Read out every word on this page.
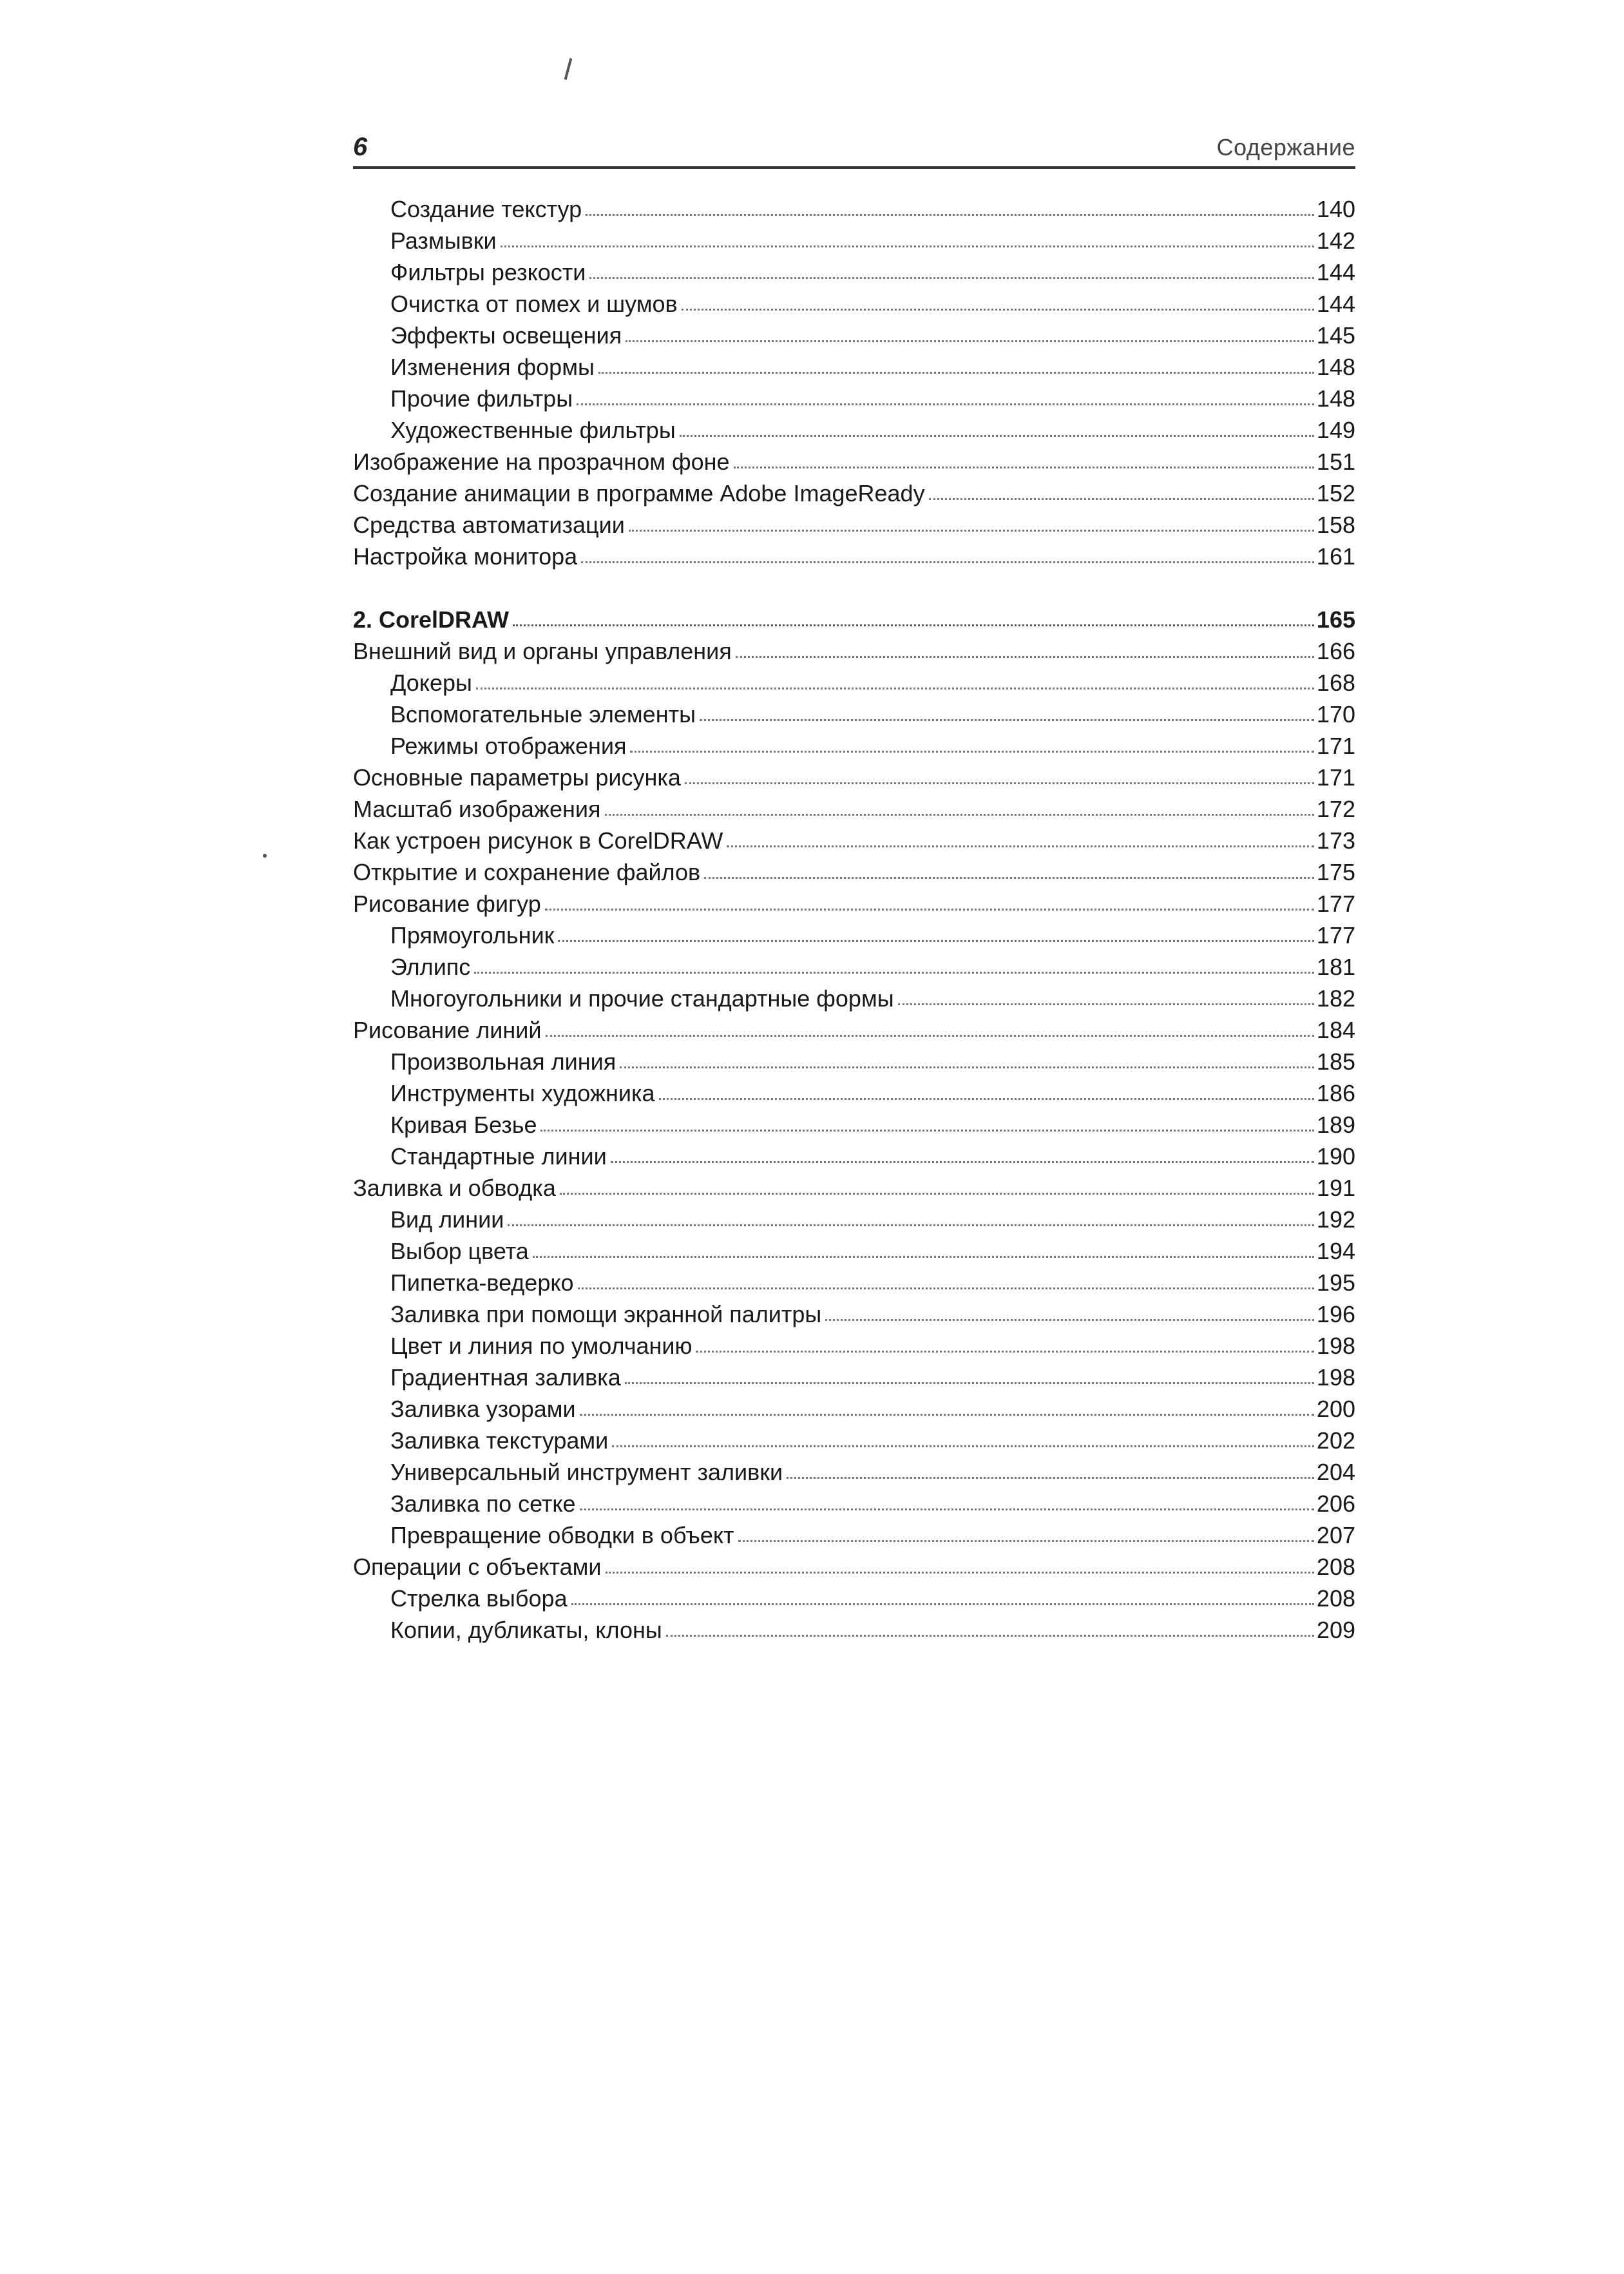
6	Содержание
Создание текстур	140
Размывки	142
Фильтры резкости	144
Очистка от помех и шумов	144
Эффекты освещения	145
Изменения формы	148
Прочие фильтры	148
Художественные фильтры	149
Изображение на прозрачном фоне	151
Создание анимации в программе Adobe ImageReady	152
Средства автоматизации	158
Настройка монитора	161
2. CorelDRAW	165
Внешний вид и органы управления	166
Докеры	168
Вспомогательные элементы	170
Режимы отображения	171
Основные параметры рисунка	171
Масштаб изображения	172
Как устроен рисунок в CorelDRAW	173
Открытие и сохранение файлов	175
Рисование фигур	177
Прямоугольник	177
Эллипс	181
Многоугольники и прочие стандартные формы	182
Рисование линий	184
Произвольная линия	185
Инструменты художника	186
Кривая Безье	189
Стандартные линии	190
Заливка и обводка	191
Вид линии	192
Выбор цвета	194
Пипетка-ведерко	195
Заливка при помощи экранной палитры	196
Цвет и линия по умолчанию	198
Градиентная заливка	198
Заливка узорами	200
Заливка текстурами	202
Универсальный инструмент заливки	204
Заливка по сетке	206
Превращение обводки в объект	207
Операции с объектами	208
Стрелка выбора	208
Копии, дубликаты, клоны	209
